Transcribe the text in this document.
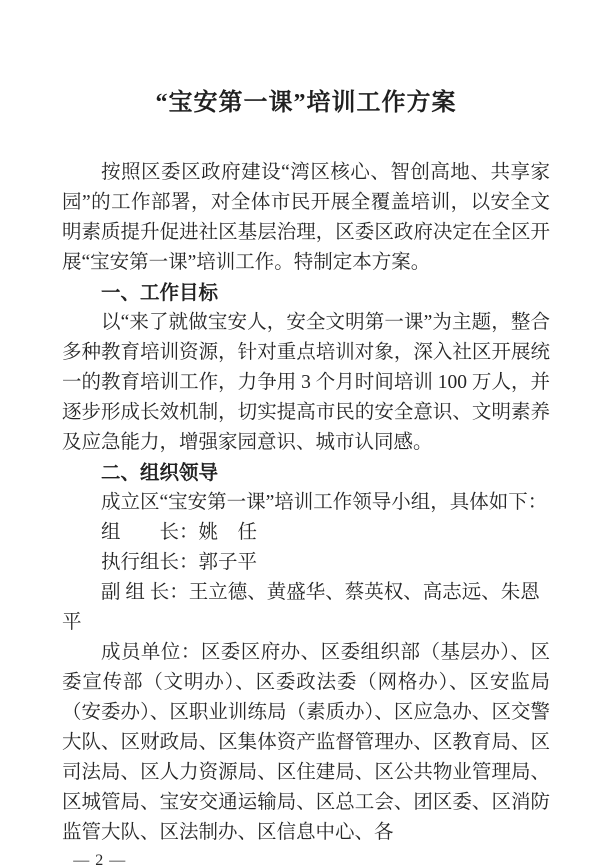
“宝安第一课”培训工作方案

按照区委区政府建设“湾区核心、智创高地、共享家园”的工作部署，对全体市民开展全覆盖培训，以安全文明素质提升促进社区基层治理，区委区政府决定在全区开展“宝安第一课”培训工作。特制定本方案。

一、工作目标

以“来了就做宝安人，安全文明第一课”为主题，整合多种教育培训资源，针对重点培训对象，深入社区开展统一的教育培训工作，力争用 3 个月时间培训 100 万人，并逐步形成长效机制，切实提高市民的安全意识、文明素养及应急能力，增强家园意识、城市认同感。

二、组织领导

成立区“宝安第一课”培训工作领导小组，具体如下：

组　　长：姚　任

执行组长：郭子平

副 组 长：王立德、黄盛华、蔡英权、高志远、朱恩平

成员单位：区委区府办、区委组织部（基层办）、区委宣传部（文明办）、区委政法委（网格办）、区安监局（安委办）、区职业训练局（素质办）、区应急办、区交警大队、区财政局、区集体资产监督管理办、区教育局、区司法局、区人力资源局、区住建局、区公共物业管理局、区城管局、宝安交通运输局、区总工会、团区委、区消防监管大队、区法制办、区信息中心、各

— 2 —
